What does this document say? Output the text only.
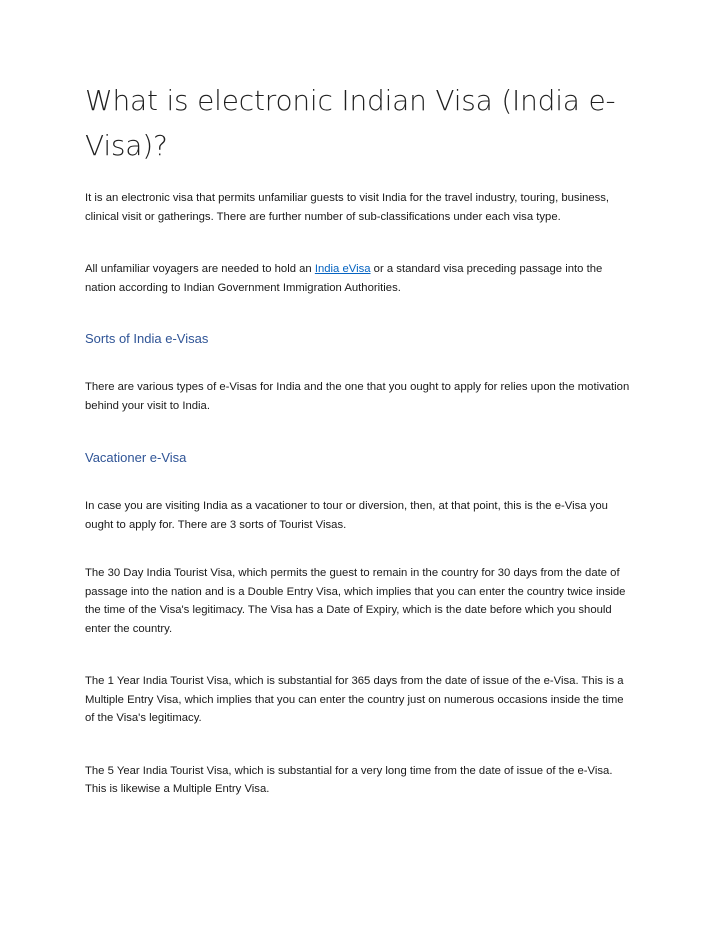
What is electronic Indian Visa (India e-Visa)?

It is an electronic visa that permits unfamiliar guests to visit India for the travel industry, touring, business, clinical visit or gatherings. There are further number of sub-classifications under each visa type.

All unfamiliar voyagers are needed to hold an India eVisa or a standard visa preceding passage into the nation according to Indian Government Immigration Authorities.

Sorts of India e-Visas

There are various types of e-Visas for India and the one that you ought to apply for relies upon the motivation behind your visit to India.

Vacationer e-Visa

In case you are visiting India as a vacationer to tour or diversion, then, at that point, this is the e-Visa you ought to apply for. There are 3 sorts of Tourist Visas.

The 30 Day India Tourist Visa, which permits the guest to remain in the country for 30 days from the date of passage into the nation and is a Double Entry Visa, which implies that you can enter the country twice inside the time of the Visa's legitimacy. The Visa has a Date of Expiry, which is the date before which you should enter the country.

The 1 Year India Tourist Visa, which is substantial for 365 days from the date of issue of the e-Visa. This is a Multiple Entry Visa, which implies that you can enter the country just on numerous occasions inside the time of the Visa's legitimacy.

The 5 Year India Tourist Visa, which is substantial for a very long time from the date of issue of the e-Visa. This is likewise a Multiple Entry Visa.
